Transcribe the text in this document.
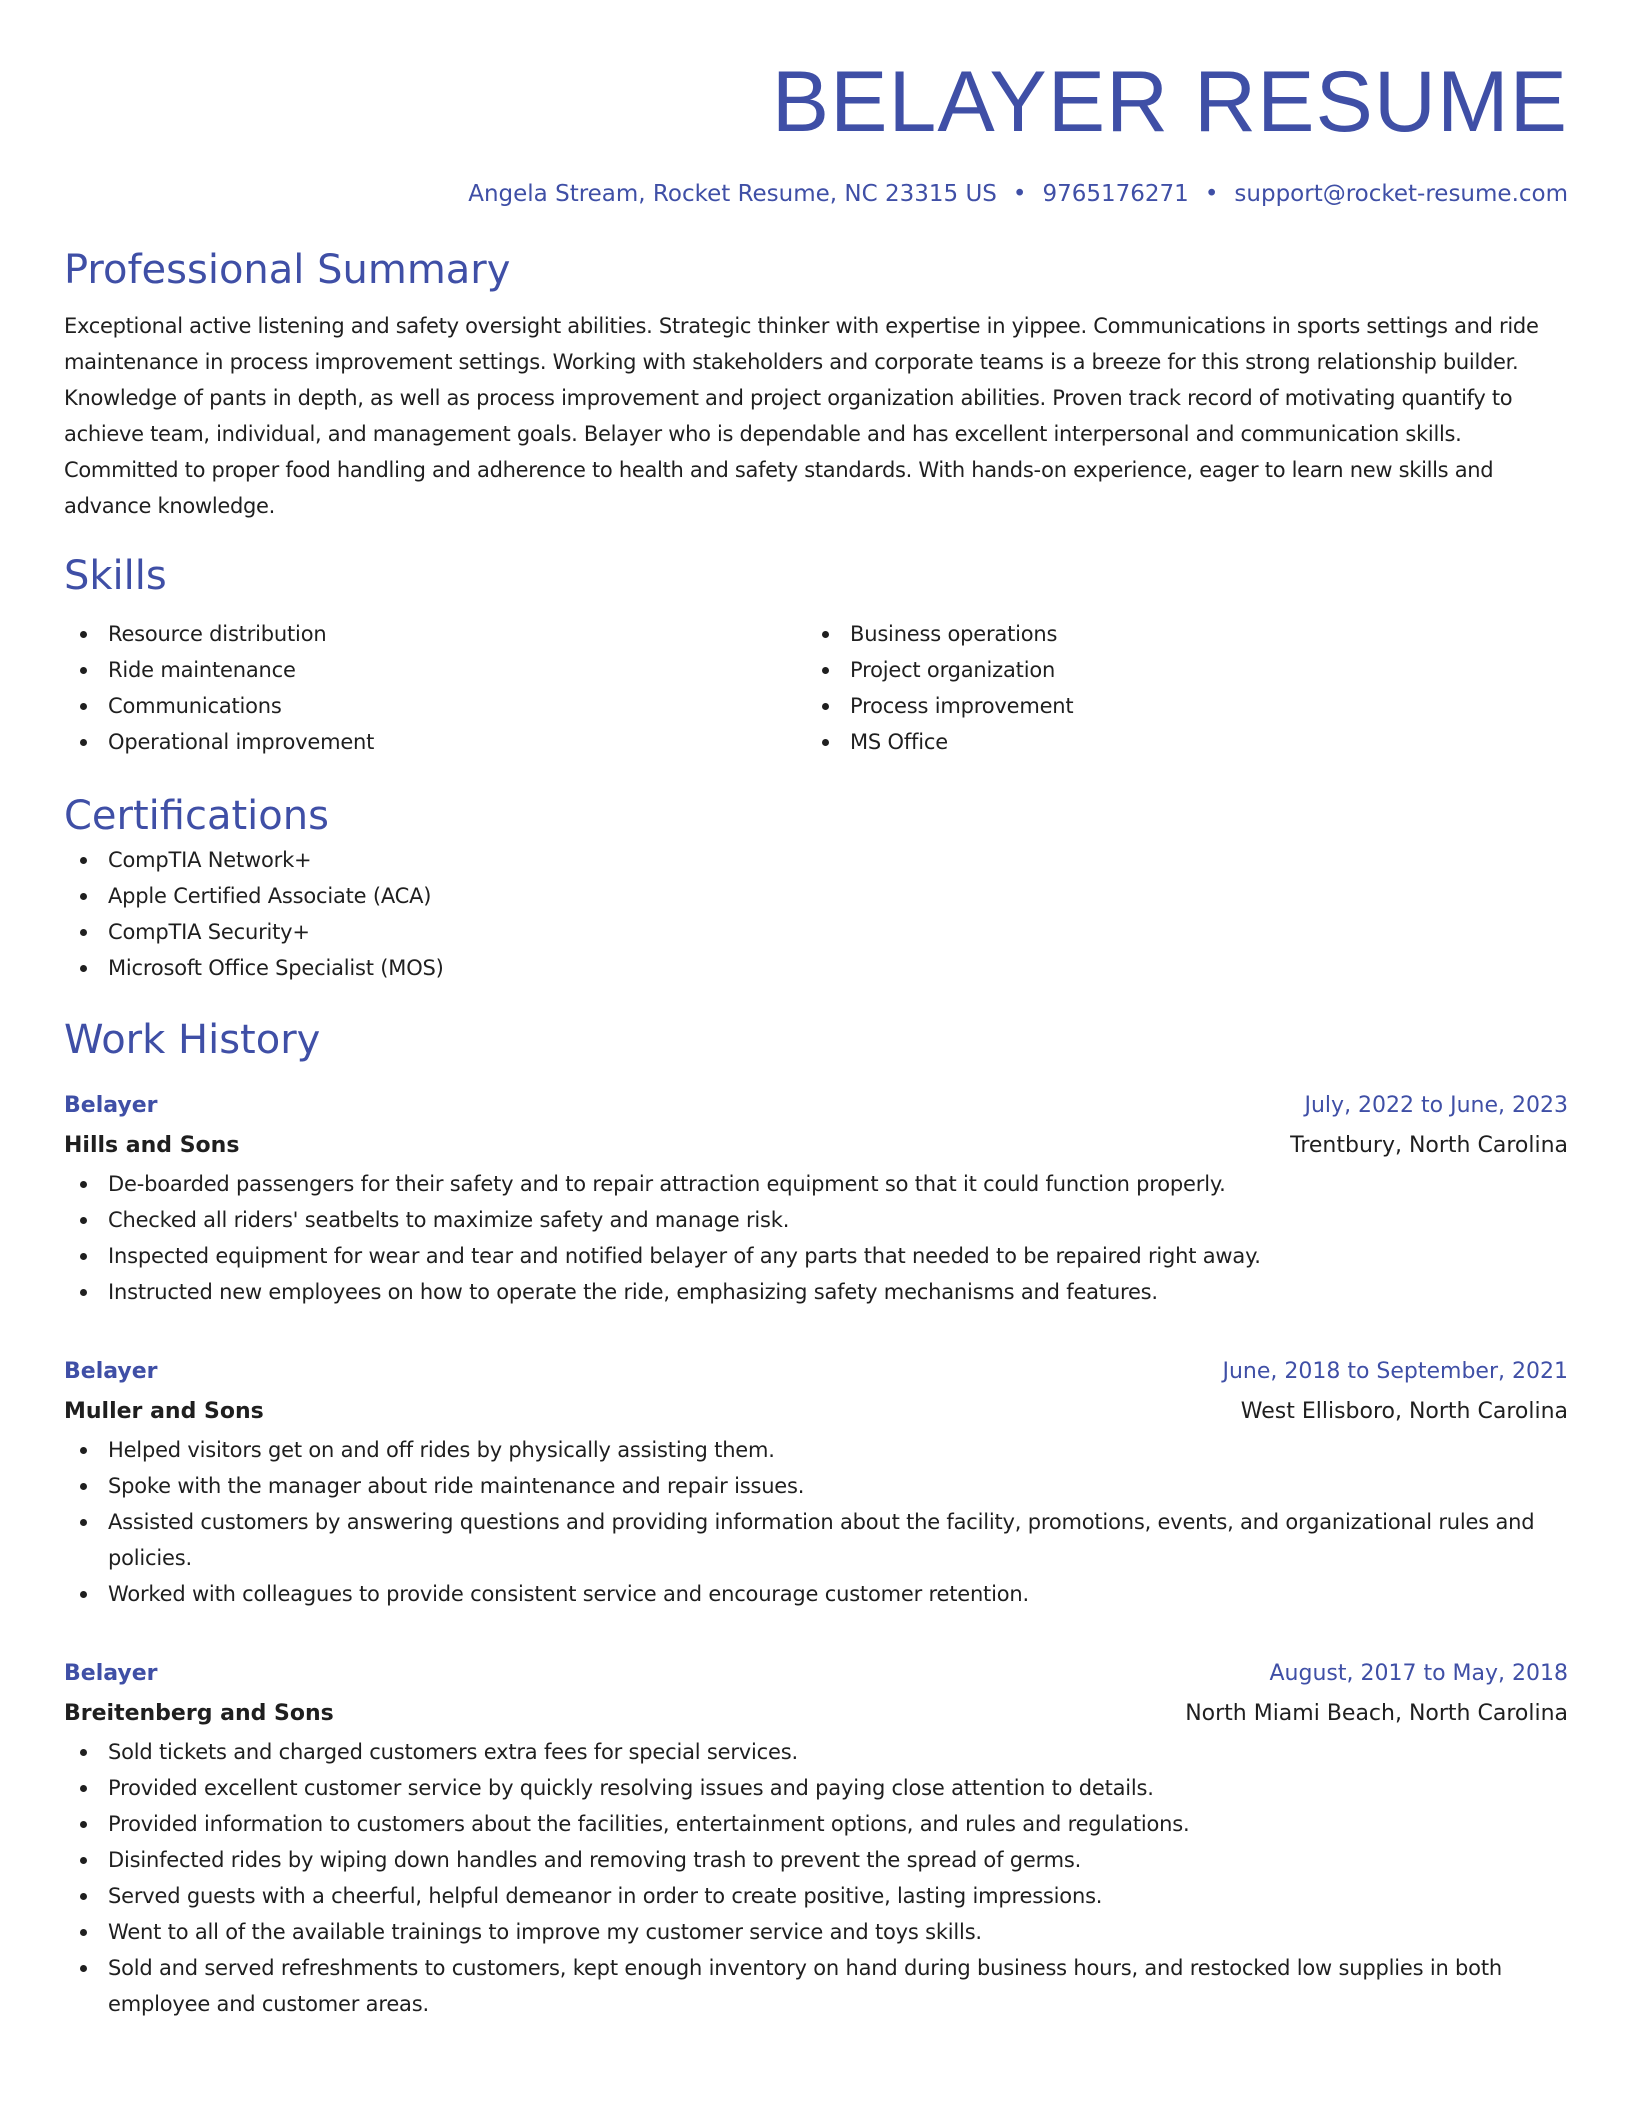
BELAYER RESUME
Angela Stream, Rocket Resume, NC 23315 US • 9765176271 • support@rocket-resume.com
Professional Summary

Exceptional active listening and safety oversight abilities. Strategic thinker with expertise in yippee. Communications in sports settings and ride maintenance in process improvement settings. Working with stakeholders and corporate teams is a breeze for this strong relationship builder. Knowledge of pants in depth, as well as process improvement and project organization abilities. Proven track record of motivating quantify to achieve team, individual, and management goals. Belayer who is dependable and has excellent interpersonal and communication skills. Committed to proper food handling and adherence to health and safety standards. With hands-on experience, eager to learn new skills and advance knowledge.

Skills
Resource distribution
Ride maintenance
Communications
Operational improvement
Business operations
Project organization
Process improvement
MS Office
Certifications
CompTIA Network+
Apple Certified Associate (ACA)
CompTIA Security+
Microsoft Office Specialist (MOS)
Work History
Belayer	July, 2022 to June, 2023
Hills and Sons	Trentbury, North Carolina
De-boarded passengers for their safety and to repair attraction equipment so that it could function properly.
Checked all riders' seatbelts to maximize safety and manage risk.
Inspected equipment for wear and tear and notified belayer of any parts that needed to be repaired right away.
Instructed new employees on how to operate the ride, emphasizing safety mechanisms and features.
Belayer	June, 2018 to September, 2021
Muller and Sons	West Ellisboro, North Carolina
Helped visitors get on and off rides by physically assisting them.
Spoke with the manager about ride maintenance and repair issues.
Assisted customers by answering questions and providing information about the facility, promotions, events, and organizational rules and policies.
Worked with colleagues to provide consistent service and encourage customer retention.
Belayer	August, 2017 to May, 2018
Breitenberg and Sons	North Miami Beach, North Carolina
Sold tickets and charged customers extra fees for special services.
Provided excellent customer service by quickly resolving issues and paying close attention to details.
Provided information to customers about the facilities, entertainment options, and rules and regulations.
Disinfected rides by wiping down handles and removing trash to prevent the spread of germs.
Served guests with a cheerful, helpful demeanor in order to create positive, lasting impressions.
Went to all of the available trainings to improve my customer service and toys skills.
Sold and served refreshments to customers, kept enough inventory on hand during business hours, and restocked low supplies in both employee and customer areas.
